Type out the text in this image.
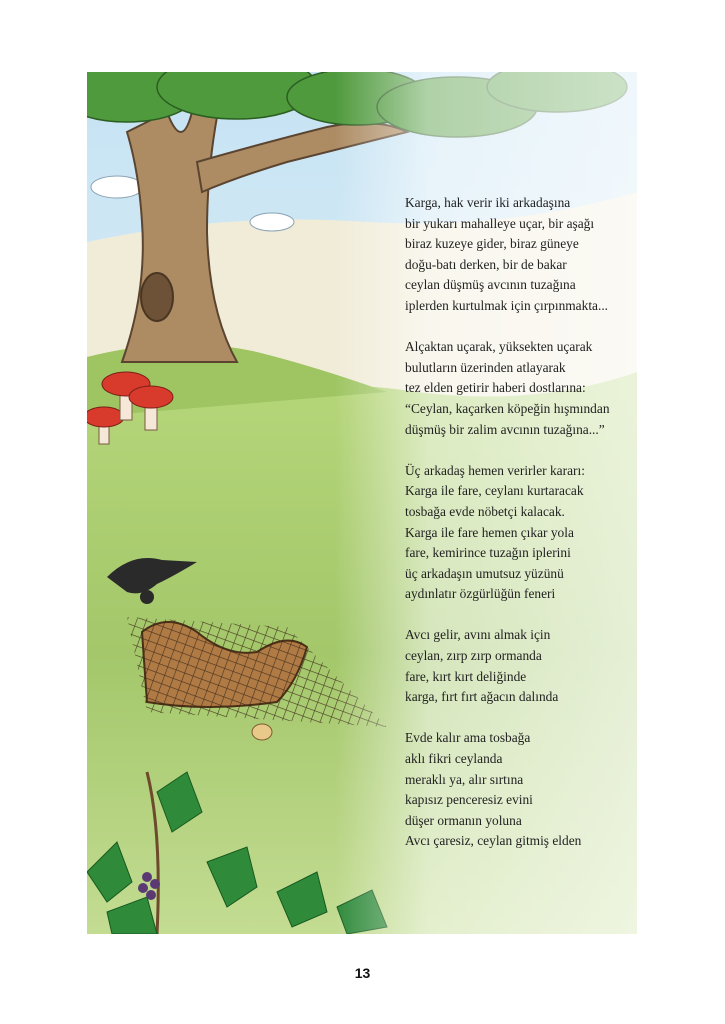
Karga, hak verir iki arkadaşına
bir yukarı mahalleye uçar, bir aşağı
biraz kuzeye gider, biraz güneye
doğu-batı derken, bir de bakar
ceylan düşmüş avcının tuzağına
iplerden kurtulmak için çırpınmakta...
Alçaktan uçarak, yüksekten uçarak
bulutların üzerinden atlayarak
tez elden getirir haberi dostlarına:
“Ceylan, kaçarken köpeğin hışmından
düşmüş bir zalim avcının tuzağına...”
Üç arkadaş hemen verirler kararı:
Karga ile fare, ceylanı kurtaracak
tosbağa evde nöbetçi kalacak.
Karga ile fare hemen çıkar yola
fare, kemirince tuzağın iplerini
üç arkadaşın umutsuz yüzünü
aydınlatır özgürlüğün feneri
Avcı gelir, avını almak için
ceylan, zırp zırp ormanda
fare, kırt kırt deliğinde
karga, fırt fırt ağacın dalında
Evde kalır ama tosbağa
aklı fikri ceylanda
meraklı ya, alır sırtına
kapısız penceresiz evini
düşer ormanın yoluna
Avcı çaresiz, ceylan gitmiş elden
13
